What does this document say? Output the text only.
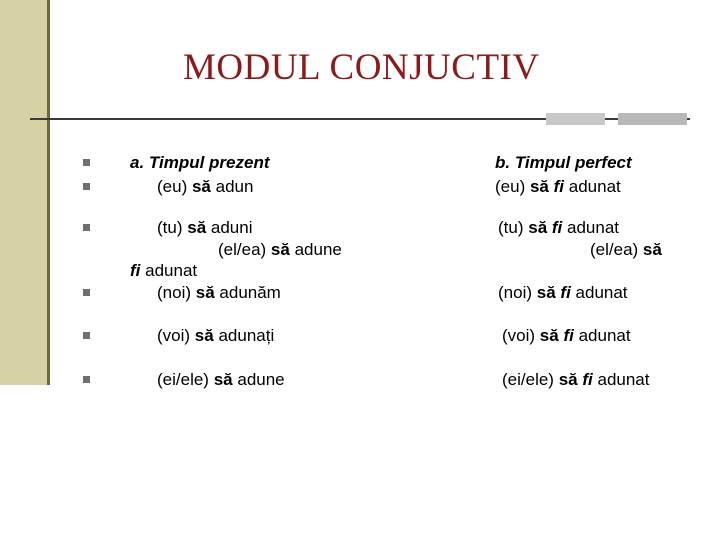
MODUL CONJUCTIV
a. Timpul prezent	b. Timpul perfect
(eu) să adun	(eu) să fi adunat
(tu) să aduni	(tu) să fi adunat
(el/ea) să adune	(el/ea) să
fi adunat
(noi) să adunăm	(noi) să fi adunat
(voi) să adunați	(voi) să fi adunat
(ei/ele) să adune	(ei/ele) să fi adunat
